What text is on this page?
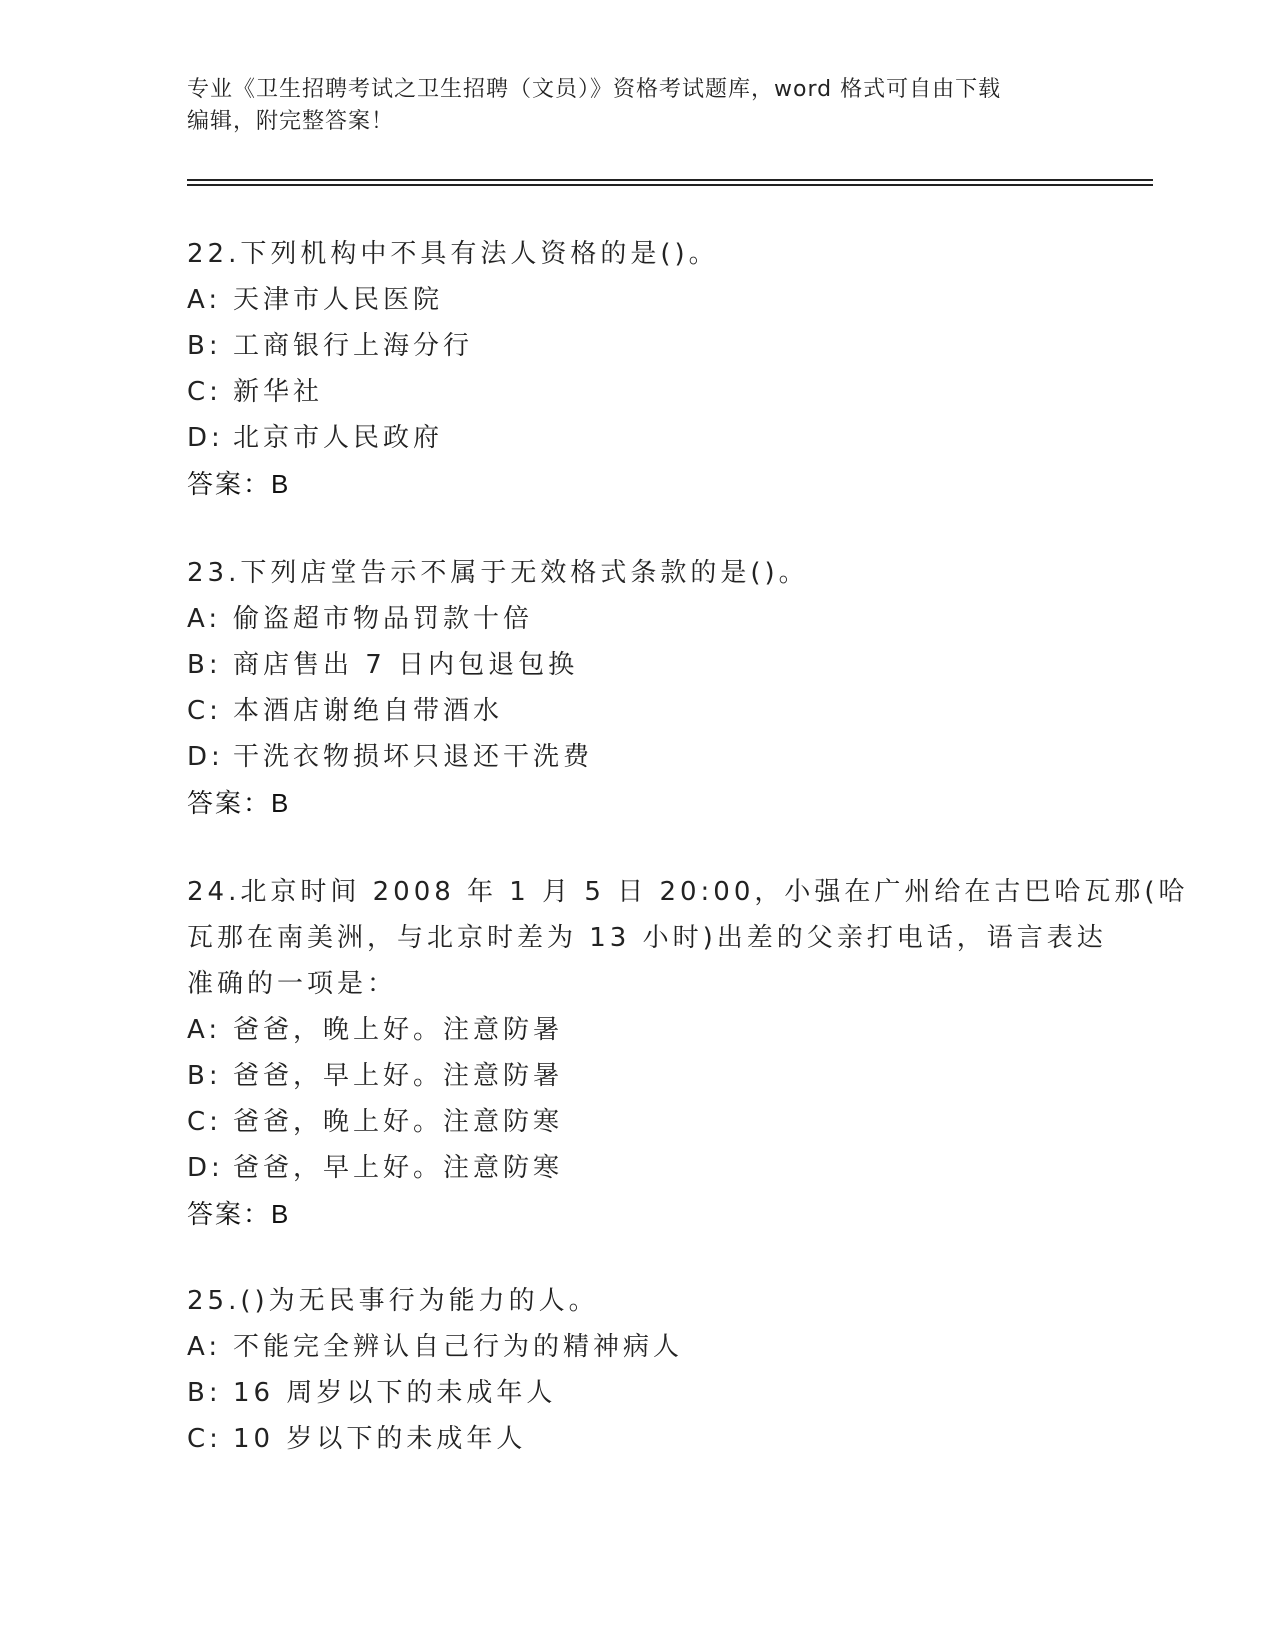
专业《卫生招聘考试之卫生招聘（文员）》资格考试题库，word 格式可自由下载
编辑，附完整答案！
22.下列机构中不具有法人资格的是()。
A: 天津市人民医院
B: 工商银行上海分行
C: 新华社
D: 北京市人民政府
答案：B
23.下列店堂告示不属于无效格式条款的是()。
A: 偷盗超市物品罚款十倍
B: 商店售出 7 日内包退包换
C: 本酒店谢绝自带酒水
D: 干洗衣物损坏只退还干洗费
答案：B
24.北京时间 2008 年 1 月 5 日 20:00，小强在广州给在古巴哈瓦那(哈
瓦那在南美洲，与北京时差为 13 小时)出差的父亲打电话，语言表达
准确的一项是：
A: 爸爸，晚上好。注意防暑
B: 爸爸，早上好。注意防暑
C: 爸爸，晚上好。注意防寒
D: 爸爸，早上好。注意防寒
答案：B
25.()为无民事行为能力的人。
A: 不能完全辨认自己行为的精神病人
B: 16 周岁以下的未成年人
C: 10 岁以下的未成年人
